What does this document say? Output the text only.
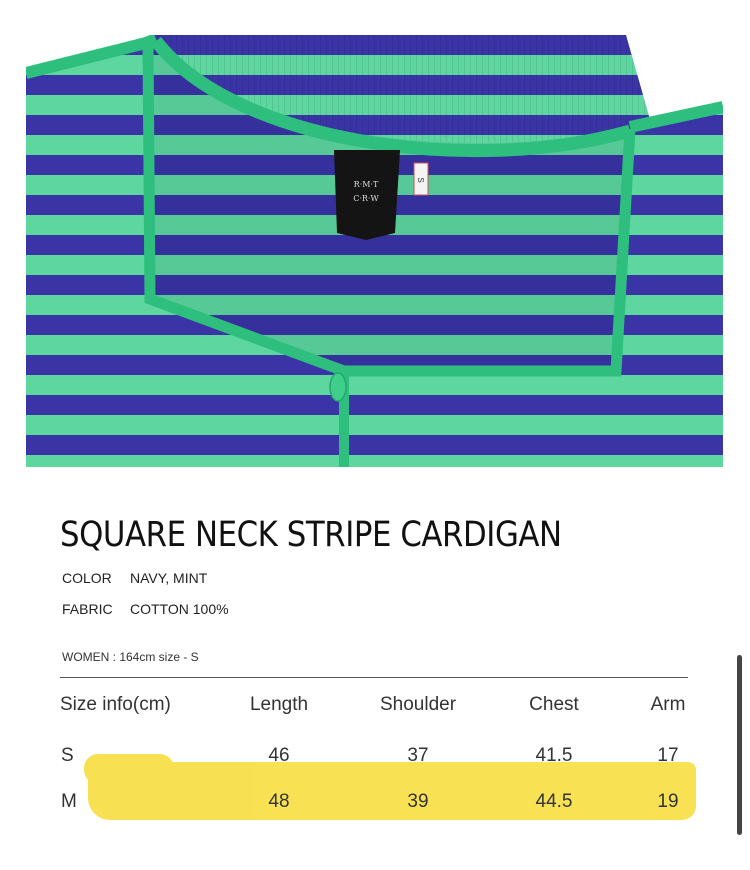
R·M·T
C·R·W
S
SQUARE NECK STRIPE CARDIGAN
COLOR NAVY, MINT
FABRIC COTTON 100%
WOMEN : 164cm size - S
Size info(cm)	Length	Shoulder	Chest	Arm
S	46	37	41.5	17
M	48	39	44.5	19
